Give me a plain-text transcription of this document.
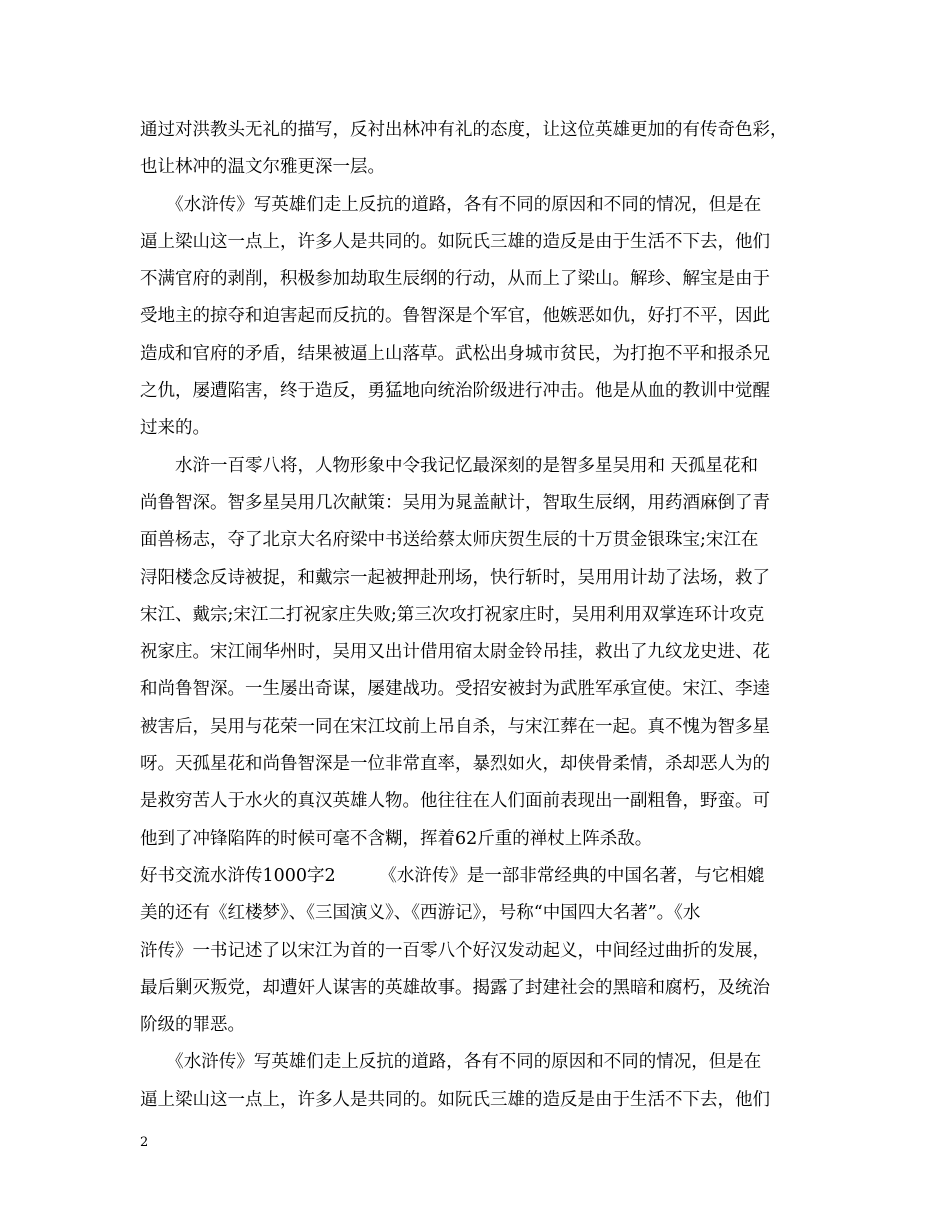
通过对洪教头无礼的描写，反衬出林冲有礼的态度，让这位英雄更加的有传奇色彩，
也让林冲的温文尔雅更深一层。
　　《水浒传》写英雄们走上反抗的道路，各有不同的原因和不同的情况，但是在
逼上梁山这一点上，许多人是共同的。如阮氏三雄的造反是由于生活不下去，他们
不满官府的剥削，积极参加劫取生辰纲的行动，从而上了梁山。解珍、解宝是由于
受地主的掠夺和迫害起而反抗的。鲁智深是个军官，他嫉恶如仇，好打不平，因此
造成和官府的矛盾，结果被逼上山落草。武松出身城市贫民，为打抱不平和报杀兄
之仇，屡遭陷害，终于造反，勇猛地向统治阶级进行冲击。他是从血的教训中觉醒
过来的。
　　水浒一百零八将，人物形象中令我记忆最深刻的是智多星吴用和 天孤星花和
尚鲁智深。智多星吴用几次献策：吴用为晁盖献计，智取生辰纲，用药酒麻倒了青
面兽杨志，夺了北京大名府梁中书送给蔡太师庆贺生辰的十万贯金银珠宝;宋江在
浔阳楼念反诗被捉，和戴宗一起被押赴刑场，快行斩时，吴用用计劫了法场，救了
宋江、戴宗;宋江二打祝家庄失败;第三次攻打祝家庄时，吴用利用双掌连环计攻克
祝家庄。宋江闹华州时，吴用又出计借用宿太尉金铃吊挂，救出了九纹龙史进、花
和尚鲁智深。一生屡出奇谋，屡建战功。受招安被封为武胜军承宣使。宋江、李逵
被害后，吴用与花荣一同在宋江坟前上吊自杀，与宋江葬在一起。真不愧为智多星
呀。天孤星花和尚鲁智深是一位非常直率，暴烈如火，却侠骨柔情，杀却恶人为的
是救穷苦人于水火的真汉英雄人物。他往往在人们面前表现出一副粗鲁，野蛮。可
他到了冲锋陷阵的时候可毫不含糊，挥着62斤重的禅杖上阵杀敌。
好书交流水浒传1000字2　　　《水浒传》是一部非常经典的中国名著，与它相媲
美的还有《红楼梦》、《三国演义》、《西游记》，号称“中国四大名著”。《水
浒传》一书记述了以宋江为首的一百零八个好汉发动起义，中间经过曲折的发展，
最后剿灭叛党，却遭奸人谋害的英雄故事。揭露了封建社会的黑暗和腐朽，及统治
阶级的罪恶。
　　《水浒传》写英雄们走上反抗的道路，各有不同的原因和不同的情况，但是在
逼上梁山这一点上，许多人是共同的。如阮氏三雄的造反是由于生活不下去，他们
2
